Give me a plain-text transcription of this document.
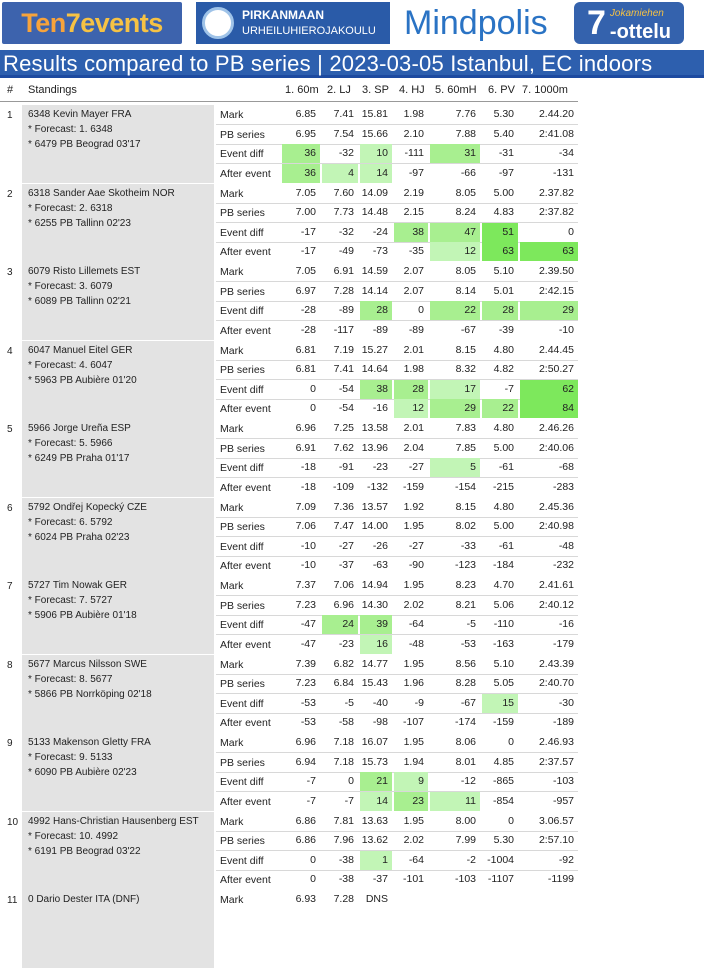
Ten 7events	PIRKANMAAN
URHEILUHIEROJAKOULU Mindpolis 7 Jokamiehen
-ottelu
Results compared to PB series | 2023-03-05 Istanbul, EC indoors
# Standings	1. 60m 2. LJ 3. SP 4. HJ 5. 60mH 6. PV 7. 1000m
1 6348 Kevin Mayer FRA
* Forecast: 1. 6348
* 6479 PB Beograd 03'17
Mark	6.85	7.41 15.81	1.98	7.76	5.30	2.44.20
PB series	6.95	7.54 15.66	2.10	7.88	5.40	2:41.08
Event diff	36	-32	10	-111	31	-31	-34
After event	36	4	14	-97	-66	-97	-131
2 6318 Sander Aae Skotheim NOR
* Forecast: 2. 6318
* 6255 PB Tallinn 02'23
Mark	7.05	7.60 14.09	2.19	8.05	5.00	2.37.82
PB series	7.00	7.73 14.48	2.15	8.24	4.83	2:37.82
Event diff	-17	-32	-24	38	47	51	0
After event	-17	-49	-73	-35	12	63	63
3 6079 Risto Lillemets EST
* Forecast: 3. 6079
* 6089 PB Tallinn 02'21
Mark	7.05	6.91 14.59	2.07	8.05	5.10	2.39.50
PB series	6.97	7.28 14.14	2.07	8.14	5.01	2:42.15
Event diff	-28	-89	28	0	22	28	29
After event	-28	-117	-89	-89	-67	-39	-10
4 6047 Manuel Eitel GER
* Forecast: 4. 6047
* 5963 PB Aubière 01'20
Mark	6.81	7.19 15.27	2.01	8.15	4.80	2.44.45
PB series	6.81	7.41 14.64	1.98	8.32	4.82	2:50.27
Event diff	0	-54	38	28	17	-7	62
After event	0	-54	-16	12	29	22	84
5 5966 Jorge Ureña ESP
* Forecast: 5. 5966
* 6249 PB Praha 01'17
Mark	6.96	7.25 13.58	2.01	7.83	4.80	2.46.26
PB series	6.91	7.62 13.96	2.04	7.85	5.00	2:40.06
Event diff	-18	-91	-23	-27	5	-61	-68
After event	-18	-109	-132	-159	-154	-215	-283
6 5792 Ondřej Kopecký CZE
* Forecast: 6. 5792
* 6024 PB Praha 02'23
Mark	7.09	7.36 13.57	1.92	8.15	4.80	2.45.36
PB series	7.06	7.47 14.00	1.95	8.02	5.00	2:40.98
Event diff	-10	-27	-26	-27	-33	-61	-48
After event	-10	-37	-63	-90	-123	-184	-232
7 5727 Tim Nowak GER
* Forecast: 7. 5727
* 5906 PB Aubière 01'18
Mark	7.37	7.06 14.94	1.95	8.23	4.70	2.41.61
PB series	7.23	6.96 14.30	2.02	8.21	5.06	2:40.12
Event diff	-47	24	39	-64	-5	-110	-16
After event	-47	-23	16	-48	-53	-163	-179
8 5677 Marcus Nilsson SWE
* Forecast: 8. 5677
* 5866 PB Norrköping 02'18
Mark	7.39	6.82 14.77	1.95	8.56	5.10	2.43.39
PB series	7.23	6.84 15.43	1.96	8.28	5.05	2:40.70
Event diff	-53	-5	-40	-9	-67	15	-30
After event	-53	-58	-98	-107	-174	-159	-189
9 5133 Makenson Gletty FRA
* Forecast: 9. 5133
* 6090 PB Aubière 02'23
Mark	6.96	7.18 16.07	1.95	8.06	0	2.46.93
PB series	6.94	7.18 15.73	1.94	8.01	4.85	2:37.57
Event diff	-7	0	21	9	-12	-865	-103
After event	-7	-7	14	23	11	-854	-957
10 4992 Hans-Christian Hausenberg EST
* Forecast: 10. 4992
* 6191 PB Beograd 03'22
Mark	6.86	7.81 13.63	1.95	8.00	0	3.06.57
PB series	6.86	7.96 13.62	2.02	7.99	5.30	2:57.10
Event diff	0	-38	1	-64	-2	-1004	-92
After event	0	-38	-37	-101	-103	-1107	-1199
11 0 Dario Dester ITA (DNF)	Mark	6.93	7.28	DNS
